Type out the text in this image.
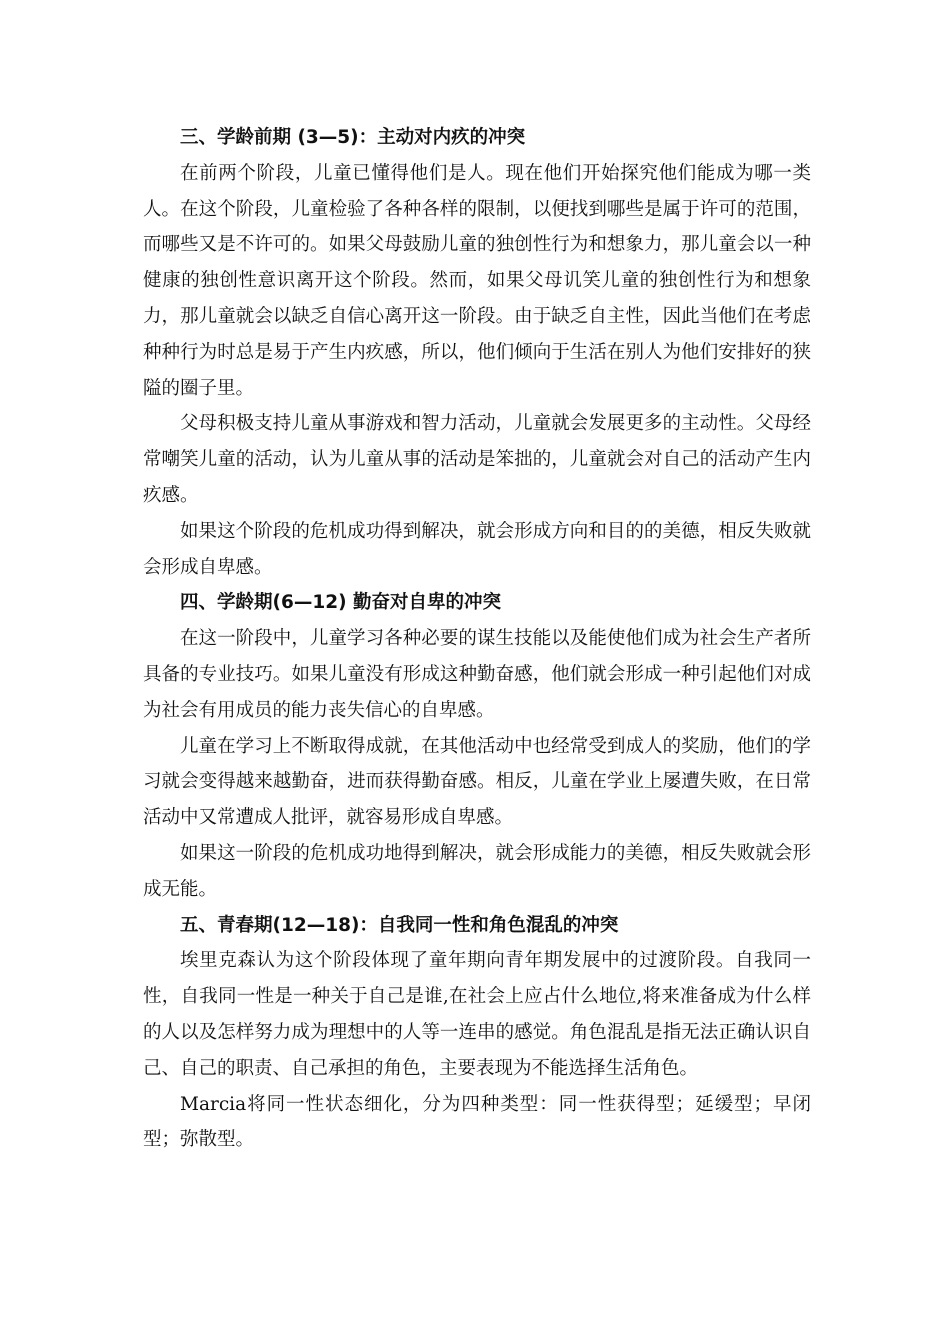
三、学龄前期 (3—5)：主动对内疚的冲突

在前两个阶段，儿童已懂得他们是人。现在他们开始探究他们能成为哪一类人。在这个阶段，儿童检验了各种各样的限制，以便找到哪些是属于许可的范围，而哪些又是不许可的。如果父母鼓励儿童的独创性行为和想象力，那儿童会以一种健康的独创性意识离开这个阶段。然而，如果父母讥笑儿童的独创性行为和想象力，那儿童就会以缺乏自信心离开这一阶段。由于缺乏自主性，因此当他们在考虑种种行为时总是易于产生内疚感，所以，他们倾向于生活在别人为他们安排好的狭隘的圈子里。

父母积极支持儿童从事游戏和智力活动，儿童就会发展更多的主动性。父母经常嘲笑儿童的活动，认为儿童从事的活动是笨拙的，儿童就会对自己的活动产生内疚感。

如果这个阶段的危机成功得到解决，就会形成方向和目的的美德，相反失败就会形成自卑感。

四、学龄期(6—12) 勤奋对自卑的冲突

在这一阶段中，儿童学习各种必要的谋生技能以及能使他们成为社会生产者所具备的专业技巧。如果儿童没有形成这种勤奋感，他们就会形成一种引起他们对成为社会有用成员的能力丧失信心的自卑感。

儿童在学习上不断取得成就，在其他活动中也经常受到成人的奖励，他们的学习就会变得越来越勤奋，进而获得勤奋感。相反，儿童在学业上屡遭失败，在日常活动中又常遭成人批评，就容易形成自卑感。

如果这一阶段的危机成功地得到解决，就会形成能力的美德，相反失败就会形成无能。

五、青春期(12—18)：自我同一性和角色混乱的冲突

埃里克森认为这个阶段体现了童年期向青年期发展中的过渡阶段。自我同一性，自我同一性是一种关于自己是谁,在社会上应占什么地位,将来准备成为什么样的人以及怎样努力成为理想中的人等一连串的感觉。角色混乱是指无法正确认识自己、自己的职责、自己承担的角色，主要表现为不能选择生活角色。

Marcia将同一性状态细化，分为四种类型：同一性获得型；延缓型；早闭型；弥散型。
